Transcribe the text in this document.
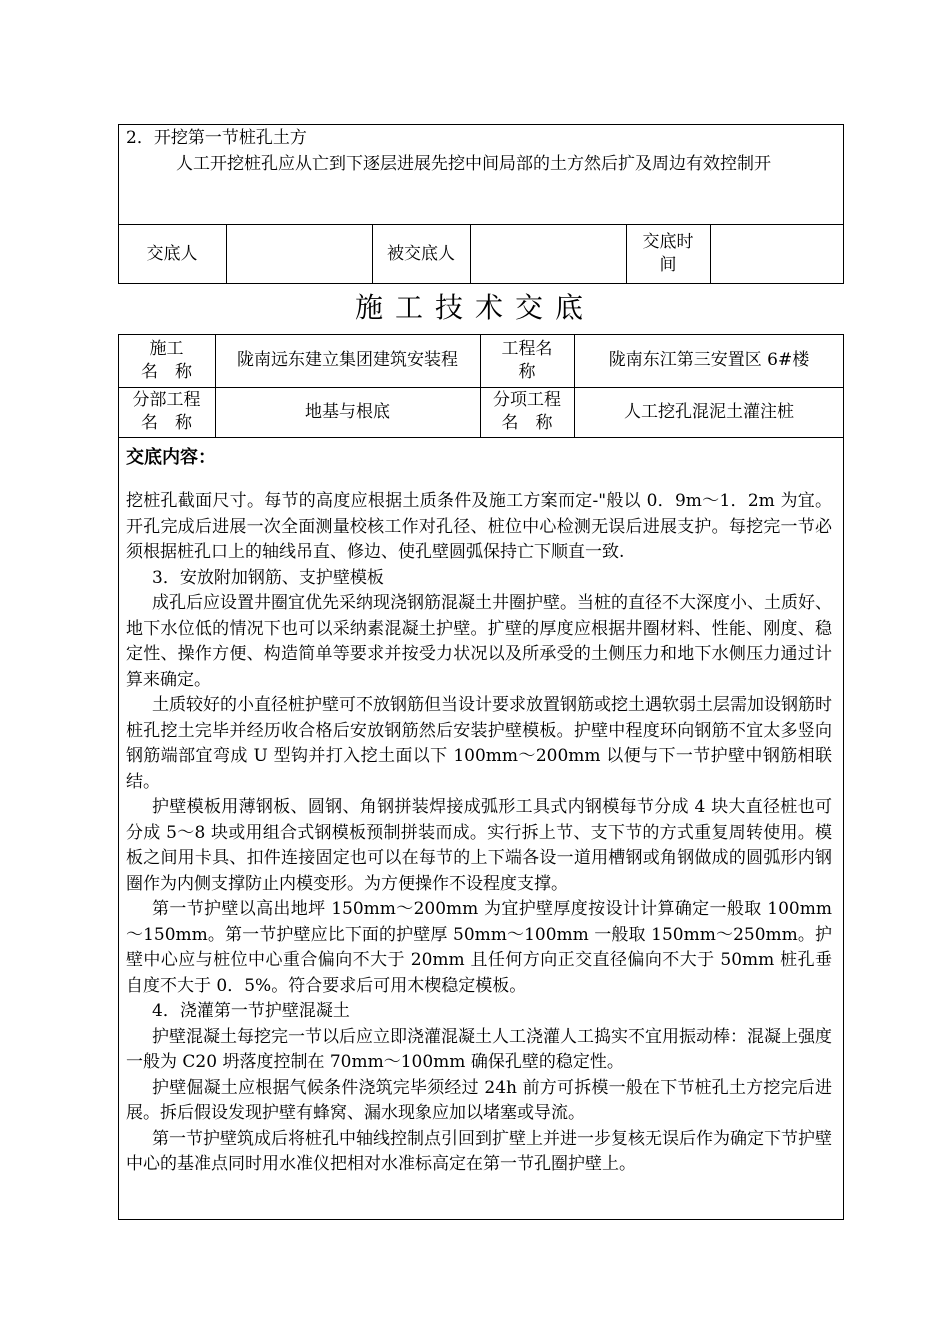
2．开挖第一节桩孔土方

人工开挖桩孔应从亡到下逐层进展先挖中间局部的土方然后扩及周边有效控制开

交底人	被交底人
交底时
间
施工技术交底
施工
名　称
陇南远东建立集团建筑安装程
工程名
称
陇南东江第三安置区 6#楼
分部工程
名　称
地基与根底
分项工程
名　称
人工挖孔混泥土灌注桩
交底内容：

挖桩孔截面尺寸。每节的高度应根据土质条件及施工方案而定-"般以 0．9m～1．2m 为宜。开孔完成后进展一次全面测量校核工作对孔径、桩位中心检测无误后进展支护。每挖完一节必须根据桩孔口上的轴线吊直、修边、使孔壁圆弧保持亡下顺直一致.

3．安放附加钢筋、支护壁模板

成孔后应设置井圈宜优先采纳现浇钢筋混凝土井圈护壁。当桩的直径不大深度小、土质好、地下水位低的情况下也可以采纳素混凝土护壁。扩壁的厚度应根据井圈材料、性能、刚度、稳定性、操作方便、构造简单等要求并按受力状况以及所承受的土侧压力和地下水侧压力通过计算来确定。

土质较好的小直径桩护壁可不放钢筋但当设计要求放置钢筋或挖土遇软弱土层需加设钢筋时桩孔挖土完毕并经历收合格后安放钢筋然后安装护壁模板。护壁中程度环向钢筋不宜太多竖向钢筋端部宜弯成 U 型钩并打入挖土面以下 100mm～200mm 以便与下一节护壁中钢筋相联结。

护壁模板用薄钢板、圆钢、角钢拼装焊接成弧形工具式内钢模每节分成 4 块大直径桩也可分成 5～8 块或用组合式钢模板预制拼装而成。实行拆上节、支下节的方式重复周转使用。模板之间用卡具、扣件连接固定也可以在每节的上下端各设一道用槽钢或角钢做成的圆弧形内钢圈作为内侧支撑防止内模变形。为方便操作不设程度支撑。

第一节护壁以高出地坪 150mm～200mm 为宜护壁厚度按设计计算确定一般取 100mm～150mm。第一节护壁应比下面的护壁厚 50mm～100mm 一般取 150mm～250mm。护壁中心应与桩位中心重合偏向不大于 20mm 且任何方向正交直径偏向不大于 50mm 桩孔垂自度不大于 0．5%。符合要求后可用木楔稳定模板。

4．浇灌第一节护壁混凝土

护壁混凝土每挖完一节以后应立即浇灌混凝土人工浇灌人工捣实不宜用振动棒：混凝上强度一般为 C20 坍落度控制在 70mm～100mm 确保孔壁的稳定性。

护壁倔凝土应根据气候条件浇筑完毕须经过 24h 前方可拆模一般在下节桩孔土方挖完后进展。拆后假设发现护壁有蜂窝、漏水现象应加以堵塞或导流。

第一节护壁筑成后将桩孔中轴线控制点引回到扩壁上并进一步复核无误后作为确定下节护壁中心的基准点同时用水准仪把相对水准标高定在第一节孔圈护壁上。
